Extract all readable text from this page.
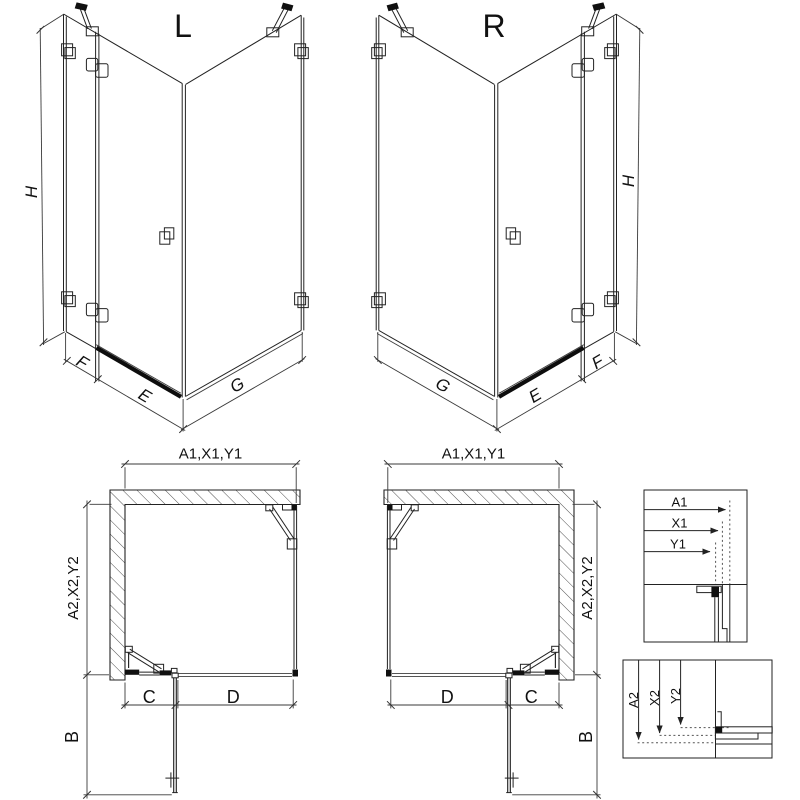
L
H
F
E	G
R
H
F
E
G
A1,X1,Y1
A2,X2,Y2
C	D
B
A1,X1,Y1
A2,X2,Y2
D	C
B
A1
X1
Y1
A2 X2 Y2
